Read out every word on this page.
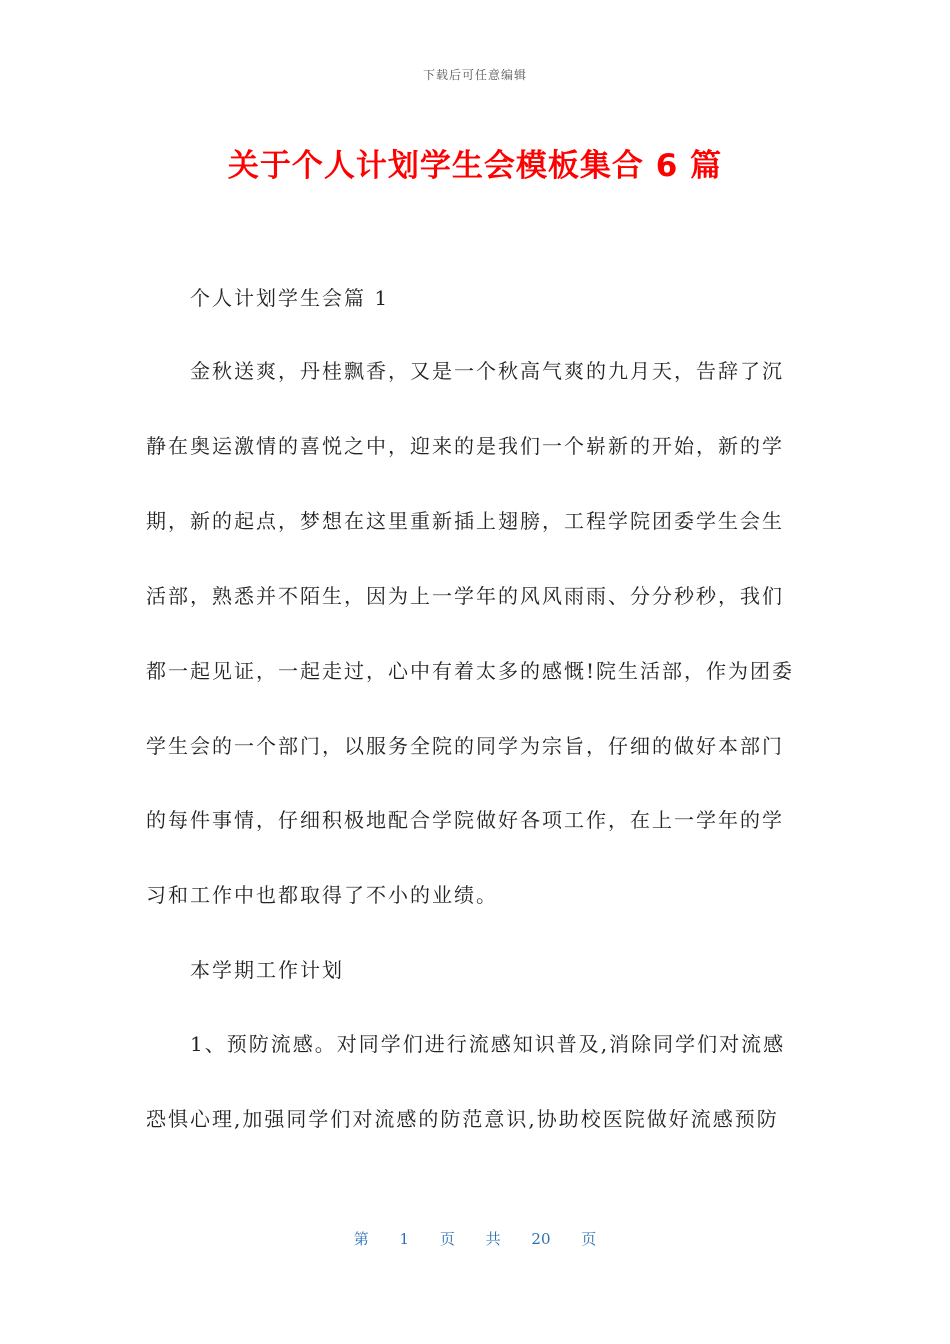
下载后可任意编辑
关于个人计划学生会模板集合 6 篇
个人计划学生会篇 1
金秋送爽，丹桂飘香，又是一个秋高气爽的九月天，告辞了沉
静在奥运激情的喜悦之中，迎来的是我们一个崭新的开始，新的学
期，新的起点，梦想在这里重新插上翅膀，工程学院团委学生会生
活部，熟悉并不陌生，因为上一学年的风风雨雨、分分秒秒，我们
都一起见证，一起走过，心中有着太多的感慨!院生活部，作为团委
学生会的一个部门，以服务全院的同学为宗旨，仔细的做好本部门
的每件事情，仔细积极地配合学院做好各项工作，在上一学年的学
习和工作中也都取得了不小的业绩。
本学期工作计划
1、预防流感。对同学们进行流感知识普及,消除同学们对流感
恐惧心理,加强同学们对流感的防范意识,协助校医院做好流感预防
第 1 页 共 20 页
